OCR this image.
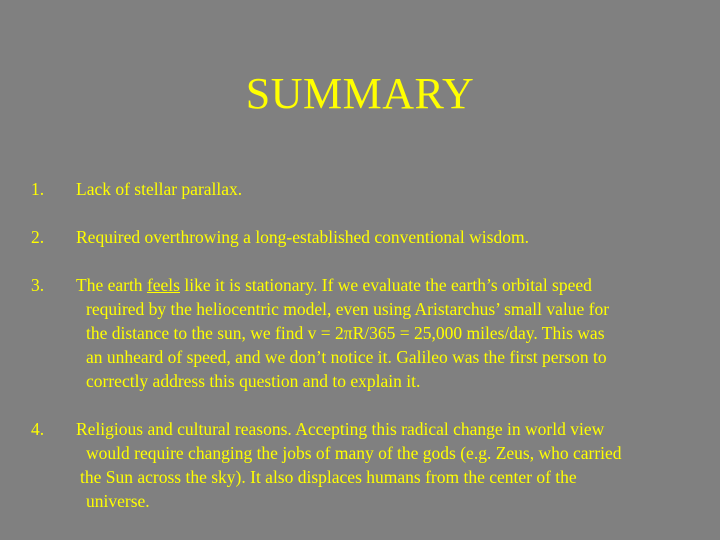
SUMMARY
1. Lack of stellar parallax.
2. Required overthrowing a long-established conventional wisdom.
3. The earth feels like it is stationary. If we evaluate the earth’s orbital speed
required by the heliocentric model, even using Aristarchus’ small value for
the distance to the sun, we find v = 2πR/365 = 25,000 miles/day. This was
an unheard of speed, and we don’t notice it. Galileo was the first person to
correctly address this question and to explain it.
4. Religious and cultural reasons. Accepting this radical change in world view
would require changing the jobs of many of the gods (e.g. Zeus, who carried
the Sun across the sky). It also displaces humans from the center of the
universe.
